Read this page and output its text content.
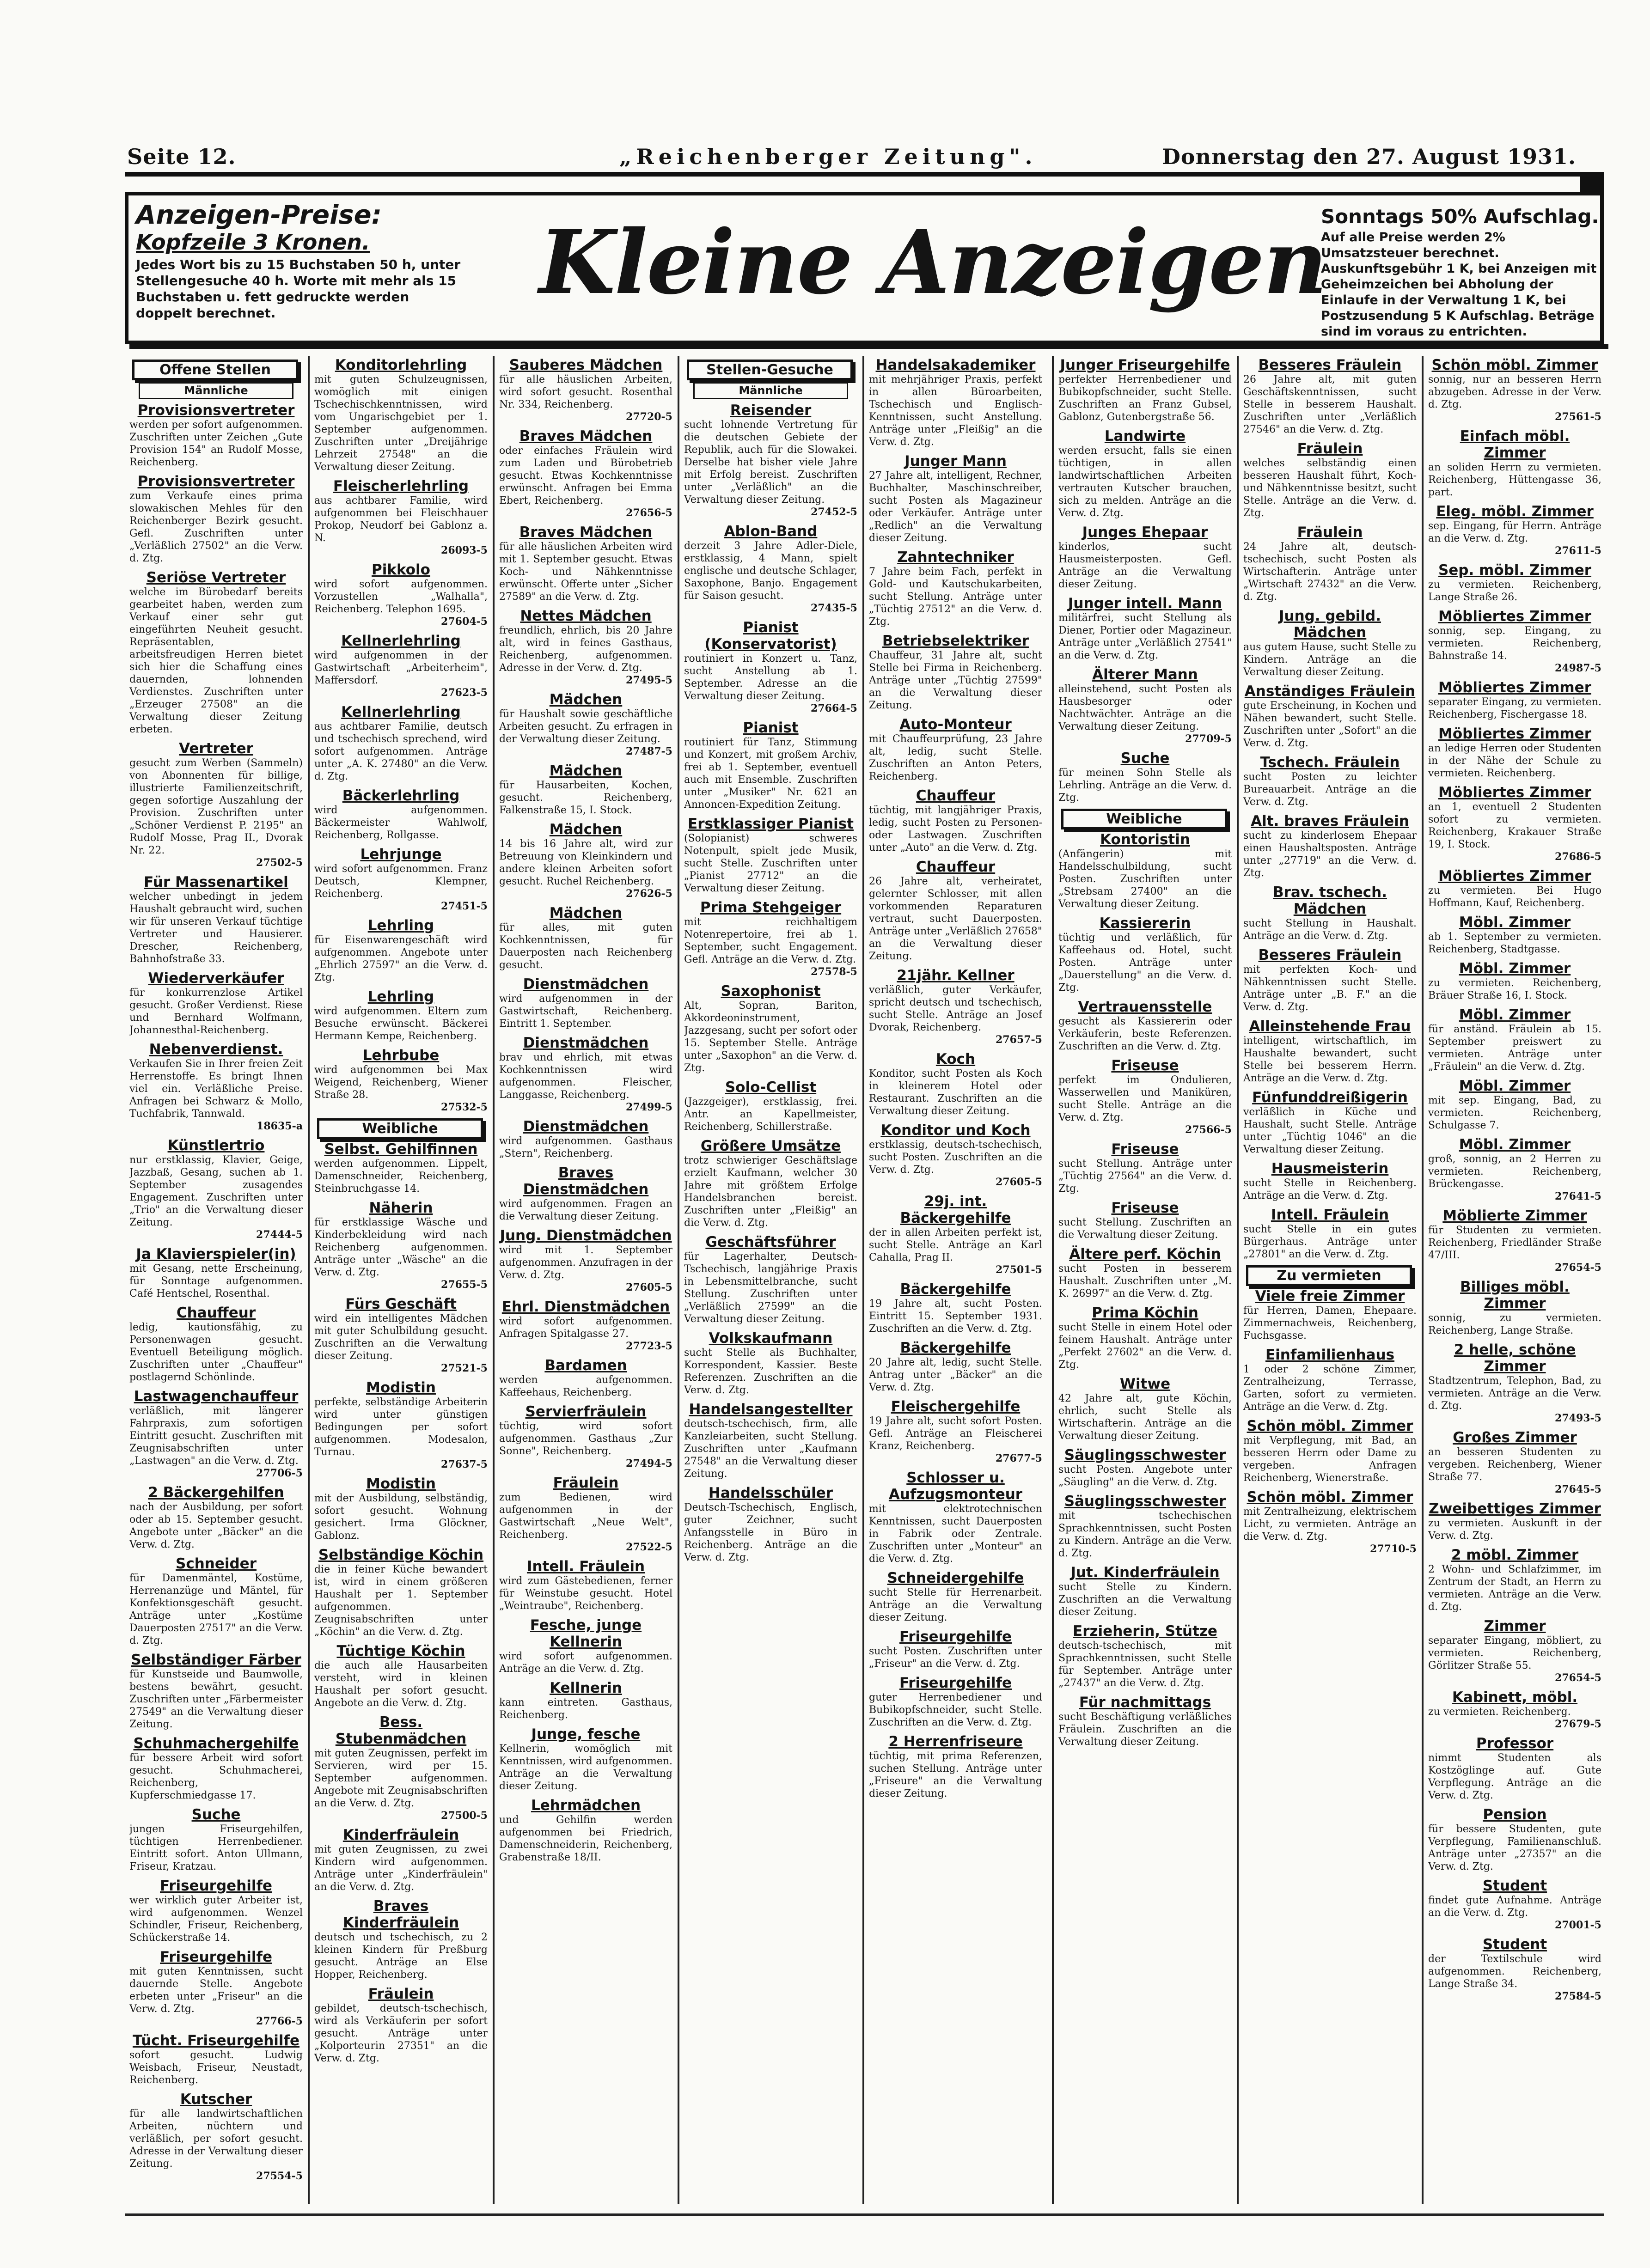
Seite 12.	„Reichenberger Zeitung".	Donnerstag den 27. August 1931.
Anzeigen-Preise:
Kopfzeile 3 Kronen.
Jedes Wort bis zu 15 Buchstaben 50 h, unter Stellengesuche 40 h. Worte mit mehr als 15 Buchstaben u. fett gedruckte werden doppelt berechnet.	Kleine Anzeigen
Sonntags 50% Aufschlag.
Auf alle Preise werden 2% Umsatzsteuer berechnet. Auskunftsgebühr 1 K, bei Anzeigen mit Geheimzeichen bei Abholung der Einlaufe in der Verwaltung 1 K, bei Postzusendung 5 K Aufschlag. Beträge sind im voraus zu entrichten.
Offene Stellen
Männliche
Provisionsvertreter
werden per sofort aufgenommen. Zuschriften unter Zeichen „Gute Provision 154" an Rudolf Mosse, Reichenberg.
Provisionsvertreter
zum Verkaufe eines prima slowakischen Mehles für den Reichenberger Bezirk gesucht. Gefl. Zuschriften unter „Verläßlich 27502" an die Verw. d. Ztg.
Seriöse Vertreter
welche im Bürobedarf bereits gearbeitet haben, werden zum Verkauf einer sehr gut eingeführten Neuheit gesucht. Repräsentablen, arbeitsfreudigen Herren bietet sich hier die Schaffung eines dauernden, lohnenden Verdienstes. Zuschriften unter „Erzeuger 27508" an die Verwaltung dieser Zeitung erbeten.
Vertreter
gesucht zum Werben (Sammeln) von Abonnenten für billige, illustrierte Familienzeitschrift, gegen sofortige Auszahlung der Provision. Zuschriften unter „Schöner Verdienst P. 2195" an Rudolf Mosse, Prag II., Dvorak Nr. 22.
27502-5
Für Massenartikel
welcher unbedingt in jedem Haushalt gebraucht wird, suchen wir für unseren Verkauf tüchtige Vertreter und Hausierer. Drescher, Reichenberg, Bahnhofstraße 33.
Wiederverkäufer
für konkurrenzlose Artikel gesucht. Großer Verdienst. Riese und Bernhard Wolfmann, Johannesthal-Reichenberg.
Nebenverdienst.
Verkaufen Sie in Ihrer freien Zeit Herrenstoffe. Es bringt Ihnen viel ein. Verläßliche Preise. Anfragen bei Schwarz & Mollo, Tuchfabrik, Tannwald.
18635-a
Künstlertrio
nur erstklassig, Klavier, Geige, Jazzbaß, Gesang, suchen ab 1. September zusagendes Engagement. Zuschriften unter „Trio" an die Verwaltung dieser Zeitung.
27444-5
Ja Klavierspieler(in)
mit Gesang, nette Erscheinung, für Sonntage aufgenommen. Café Hentschel, Rosenthal.
Chauffeur
ledig, kautionsfähig, zu Personenwagen gesucht. Eventuell Beteiligung möglich. Zuschriften unter „Chauffeur" postlagernd Schönlinde.
Lastwagenchauffeur
verläßlich, mit längerer Fahrpraxis, zum sofortigen Eintritt gesucht. Zuschriften mit Zeugnisabschriften unter „Lastwagen" an die Verw. d. Ztg.
27706-5
2 Bäckergehilfen
nach der Ausbildung, per sofort oder ab 15. September gesucht. Angebote unter „Bäcker" an die Verw. d. Ztg.
Schneider
für Damenmäntel, Kostüme, Herrenanzüge und Mäntel, für Konfektionsgeschäft gesucht. Anträge unter „Kostüme Dauerposten 27517" an die Verw. d. Ztg.
Selbständiger Färber
für Kunstseide und Baumwolle, bestens bewährt, gesucht. Zuschriften unter „Färbermeister 27549" an die Verwaltung dieser Zeitung.
Schuhmachergehilfe
für bessere Arbeit wird sofort gesucht. Schuhmacherei, Reichenberg, Kupferschmiedgasse 17.
Suche
jungen Friseurgehilfen, tüchtigen Herrenbediener. Eintritt sofort. Anton Ullmann, Friseur, Kratzau.
Friseurgehilfe
wer wirklich guter Arbeiter ist, wird aufgenommen. Wenzel Schindler, Friseur, Reichenberg, Schückerstraße 14.
Friseurgehilfe
mit guten Kenntnissen, sucht dauernde Stelle. Angebote erbeten unter „Friseur" an die Verw. d. Ztg.
27766-5
Tücht. Friseurgehilfe
sofort gesucht. Ludwig Weisbach, Friseur, Neustadt, Reichenberg.
Kutscher
für alle landwirtschaftlichen Arbeiten, nüchtern und verläßlich, per sofort gesucht. Adresse in der Verwaltung dieser Zeitung.
27554-5
Konditorlehrling
mit guten Schulzeugnissen, womöglich mit einigen Tschechischkenntnissen, wird vom Ungarischgebiet per 1. September aufgenommen. Zuschriften unter „Dreijährige Lehrzeit 27548" an die Verwaltung dieser Zeitung.
Fleischerlehrling
aus achtbarer Familie, wird aufgenommen bei Fleischhauer Prokop, Neudorf bei Gablonz a. N.
26093-5
Pikkolo
wird sofort aufgenommen. Vorzustellen „Walhalla", Reichenberg. Telephon 1695.
27604-5
Kellnerlehrling
wird aufgenommen in der Gastwirtschaft „Arbeiterheim", Maffersdorf.
27623-5
Kellnerlehrling
aus achtbarer Familie, deutsch und tschechisch sprechend, wird sofort aufgenommen. Anträge unter „A. K. 27480" an die Verw. d. Ztg.
Bäckerlehrling
wird aufgenommen. Bäckermeister Wahlwolf, Reichenberg, Rollgasse.
Lehrjunge
wird sofort aufgenommen. Franz Deutsch, Klempner, Reichenberg.
27451-5
Lehrling
für Eisenwarengeschäft wird aufgenommen. Angebote unter „Ehrlich 27597" an die Verw. d. Ztg.
Lehrling
wird aufgenommen. Eltern zum Besuche erwünscht. Bäckerei Hermann Kempe, Reichenberg.
Lehrbube
wird aufgenommen bei Max Weigend, Reichenberg, Wiener Straße 28.
27532-5
Weibliche
Selbst. Gehilfinnen
werden aufgenommen. Lippelt, Damenschneider, Reichenberg, Steinbruchgasse 14.
Näherin
für erstklassige Wäsche und Kinderbekleidung wird nach Reichenberg aufgenommen. Anträge unter „Wäsche" an die Verw. d. Ztg.
27655-5
Fürs Geschäft
wird ein intelligentes Mädchen mit guter Schulbildung gesucht. Zuschriften an die Verwaltung dieser Zeitung.
27521-5
Modistin
perfekte, selbständige Arbeiterin wird unter günstigen Bedingungen per sofort aufgenommen. Modesalon, Turnau.
27637-5
Modistin
mit der Ausbildung, selbständig, sofort gesucht. Wohnung gesichert. Irma Glöckner, Gablonz.
Selbständige Köchin
die in feiner Küche bewandert ist, wird in einem größeren Haushalt per 1. September aufgenommen. Zeugnisabschriften unter „Köchin" an die Verw. d. Ztg.
Tüchtige Köchin
die auch alle Hausarbeiten versteht, wird in kleinen Haushalt per sofort gesucht. Angebote an die Verw. d. Ztg.
Bess. Stubenmädchen
mit guten Zeugnissen, perfekt im Servieren, wird per 15. September aufgenommen. Angebote mit Zeugnisabschriften an die Verw. d. Ztg.
27500-5
Kinderfräulein
mit guten Zeugnissen, zu zwei Kindern wird aufgenommen. Anträge unter „Kinderfräulein" an die Verw. d. Ztg.
Braves Kinderfräulein
deutsch und tschechisch, zu 2 kleinen Kindern für Preßburg gesucht. Anträge an Else Hopper, Reichenberg.
Fräulein
gebildet, deutsch-tschechisch, wird als Verkäuferin per sofort gesucht. Anträge unter „Kolporteurin 27351" an die Verw. d. Ztg.
Sauberes Mädchen
für alle häuslichen Arbeiten, wird sofort gesucht. Rosenthal Nr. 334, Reichenberg.
27720-5
Braves Mädchen
oder einfaches Fräulein wird zum Laden und Bürobetrieb gesucht. Etwas Kochkenntnisse erwünscht. Anfragen bei Emma Ebert, Reichenberg.
27656-5
Braves Mädchen
für alle häuslichen Arbeiten wird mit 1. September gesucht. Etwas Koch- und Nähkenntnisse erwünscht. Offerte unter „Sicher 27589" an die Verw. d. Ztg.
Nettes Mädchen
freundlich, ehrlich, bis 20 Jahre alt, wird in feines Gasthaus, Reichenberg, aufgenommen. Adresse in der Verw. d. Ztg.
27495-5
Mädchen
für Haushalt sowie geschäftliche Arbeiten gesucht. Zu erfragen in der Verwaltung dieser Zeitung.
27487-5
Mädchen
für Hausarbeiten, Kochen, gesucht. Reichenberg, Falkenstraße 15, I. Stock.
Mädchen
14 bis 16 Jahre alt, wird zur Betreuung von Kleinkindern und andere kleinen Arbeiten sofort gesucht. Ruchel Reichenberg.
27626-5
Mädchen
für alles, mit guten Kochkenntnissen, für Dauerposten nach Reichenberg gesucht.
Dienstmädchen
wird aufgenommen in der Gastwirtschaft, Reichenberg. Eintritt 1. September.
Dienstmädchen
brav und ehrlich, mit etwas Kochkenntnissen wird aufgenommen. Fleischer, Langgasse, Reichenberg.
27499-5
Dienstmädchen
wird aufgenommen. Gasthaus „Stern", Reichenberg.
Braves Dienstmädchen
wird aufgenommen. Fragen an die Verwaltung dieser Zeitung.
Jung. Dienstmädchen
wird mit 1. September aufgenommen. Anzufragen in der Verw. d. Ztg.
27605-5
Ehrl. Dienstmädchen
wird sofort aufgenommen. Anfragen Spitalgasse 27.
27723-5
Bardamen
werden aufgenommen. Kaffeehaus, Reichenberg.
Servierfräulein
tüchtig, wird sofort aufgenommen. Gasthaus „Zur Sonne", Reichenberg.
27494-5
Fräulein
zum Bedienen, wird aufgenommen in der Gastwirtschaft „Neue Welt", Reichenberg.
27522-5
Intell. Fräulein
wird zum Gästebedienen, ferner für Weinstube gesucht. Hotel „Weintraube", Reichenberg.
Fesche, junge Kellnerin
wird sofort aufgenommen. Anträge an die Verw. d. Ztg.
Kellnerin
kann eintreten. Gasthaus, Reichenberg.
Junge, fesche
Kellnerin, womöglich mit Kenntnissen, wird aufgenommen. Anträge an die Verwaltung dieser Zeitung.
Lehrmädchen
und Gehilfin werden aufgenommen bei Friedrich, Damenschneiderin, Reichenberg, Grabenstraße 18/II.
Stellen-Gesuche
Männliche
Reisender
sucht lohnende Vertretung für die deutschen Gebiete der Republik, auch für die Slowakei. Derselbe hat bisher viele Jahre mit Erfolg bereist. Zuschriften unter „Verläßlich" an die Verwaltung dieser Zeitung.
27452-5
Ablon-Band
derzeit 3 Jahre Adler-Diele, erstklassig, 4 Mann, spielt englische und deutsche Schlager, Saxophone, Banjo. Engagement für Saison gesucht.
27435-5
Pianist (Konservatorist)
routiniert in Konzert u. Tanz, sucht Anstellung ab 1. September. Adresse an die Verwaltung dieser Zeitung.
27664-5
Pianist
routiniert für Tanz, Stimmung und Konzert, mit großem Archiv, frei ab 1. September, eventuell auch mit Ensemble. Zuschriften unter „Musiker" Nr. 621 an Annoncen-Expedition Zeitung.
Erstklassiger Pianist
(Solopianist) schweres Notenpult, spielt jede Musik, sucht Stelle. Zuschriften unter „Pianist 27712" an die Verwaltung dieser Zeitung.
Prima Stehgeiger
mit reichhaltigem Notenrepertoire, frei ab 1. September, sucht Engagement. Gefl. Anträge an die Verw. d. Ztg.
27578-5
Saxophonist
Alt, Sopran, Bariton, Akkordeoninstrument, Jazzgesang, sucht per sofort oder 15. September Stelle. Anträge unter „Saxophon" an die Verw. d. Ztg.
Solo-Cellist
(Jazzgeiger), erstklassig, frei. Antr. an Kapellmeister, Reichenberg, Schillerstraße.
Größere Umsätze
trotz schwieriger Geschäftslage erzielt Kaufmann, welcher 30 Jahre mit größtem Erfolge Handelsbranchen bereist. Zuschriften unter „Fleißig" an die Verw. d. Ztg.
Geschäftsführer
für Lagerhalter, Deutsch-Tschechisch, langjährige Praxis in Lebensmittelbranche, sucht Stellung. Zuschriften unter „Verläßlich 27599" an die Verwaltung dieser Zeitung.
Volkskaufmann
sucht Stelle als Buchhalter, Korrespondent, Kassier. Beste Referenzen. Zuschriften an die Verw. d. Ztg.
Handelsangestellter
deutsch-tschechisch, firm, alle Kanzleiarbeiten, sucht Stellung. Zuschriften unter „Kaufmann 27548" an die Verwaltung dieser Zeitung.
Handelsschüler
Deutsch-Tschechisch, Englisch, guter Zeichner, sucht Anfangsstelle in Büro in Reichenberg. Anträge an die Verw. d. Ztg.
Handelsakademiker
mit mehrjähriger Praxis, perfekt in allen Büroarbeiten, Tschechisch und Englisch-Kenntnissen, sucht Anstellung. Anträge unter „Fleißig" an die Verw. d. Ztg.
Junger Mann
27 Jahre alt, intelligent, Rechner, Buchhalter, Maschinschreiber, sucht Posten als Magazineur oder Verkäufer. Anträge unter „Redlich" an die Verwaltung dieser Zeitung.
Zahntechniker
7 Jahre beim Fach, perfekt in Gold- und Kautschukarbeiten, sucht Stellung. Anträge unter „Tüchtig 27512" an die Verw. d. Ztg.
Betriebselektriker
Chauffeur, 31 Jahre alt, sucht Stelle bei Firma in Reichenberg. Anträge unter „Tüchtig 27599" an die Verwaltung dieser Zeitung.
Auto-Monteur
mit Chauffeurprüfung, 23 Jahre alt, ledig, sucht Stelle. Zuschriften an Anton Peters, Reichenberg.
Chauffeur
tüchtig, mit langjähriger Praxis, ledig, sucht Posten zu Personen- oder Lastwagen. Zuschriften unter „Auto" an die Verw. d. Ztg.
Chauffeur
26 Jahre alt, verheiratet, gelernter Schlosser, mit allen vorkommenden Reparaturen vertraut, sucht Dauerposten. Anträge unter „Verläßlich 27658" an die Verwaltung dieser Zeitung.
21jähr. Kellner
verläßlich, guter Verkäufer, spricht deutsch und tschechisch, sucht Stelle. Anträge an Josef Dvorak, Reichenberg.
27657-5
Koch
Konditor, sucht Posten als Koch in kleinerem Hotel oder Restaurant. Zuschriften an die Verwaltung dieser Zeitung.
Konditor und Koch
erstklassig, deutsch-tschechisch, sucht Posten. Zuschriften an die Verw. d. Ztg.
27605-5
29j. int. Bäckergehilfe
der in allen Arbeiten perfekt ist, sucht Stelle. Anträge an Karl Cahalla, Prag II.
27501-5
Bäckergehilfe
19 Jahre alt, sucht Posten. Eintritt 15. September 1931. Zuschriften an die Verw. d. Ztg.
Bäckergehilfe
20 Jahre alt, ledig, sucht Stelle. Antrag unter „Bäcker" an die Verw. d. Ztg.
Fleischergehilfe
19 Jahre alt, sucht sofort Posten. Gefl. Anträge an Fleischerei Kranz, Reichenberg.
27677-5
Schlosser u. Aufzugsmonteur
mit elektrotechnischen Kenntnissen, sucht Dauerposten in Fabrik oder Zentrale. Zuschriften unter „Monteur" an die Verw. d. Ztg.
Schneidergehilfe
sucht Stelle für Herrenarbeit. Anträge an die Verwaltung dieser Zeitung.
Friseurgehilfe
sucht Posten. Zuschriften unter „Friseur" an die Verw. d. Ztg.
Friseurgehilfe
guter Herrenbediener und Bubikopfschneider, sucht Stelle. Zuschriften an die Verw. d. Ztg.
2 Herrenfriseure
tüchtig, mit prima Referenzen, suchen Stellung. Anträge unter „Friseure" an die Verwaltung dieser Zeitung.
Junger Friseurgehilfe
perfekter Herrenbediener und Bubikopfschneider, sucht Stelle. Zuschriften an Franz Gubsel, Gablonz, Gutenbergstraße 56.
Landwirte
werden ersucht, falls sie einen tüchtigen, in allen landwirtschaftlichen Arbeiten vertrauten Kutscher brauchen, sich zu melden. Anträge an die Verw. d. Ztg.
Junges Ehepaar
kinderlos, sucht Hausmeisterposten. Gefl. Anträge an die Verwaltung dieser Zeitung.
Junger intell. Mann
militärfrei, sucht Stellung als Diener, Portier oder Magazineur. Anträge unter „Verläßlich 27541" an die Verw. d. Ztg.
Älterer Mann
alleinstehend, sucht Posten als Hausbesorger oder Nachtwächter. Anträge an die Verwaltung dieser Zeitung.
27709-5
Suche
für meinen Sohn Stelle als Lehrling. Anträge an die Verw. d. Ztg.
Weibliche
Kontoristin
(Anfängerin) mit Handelsschulbildung, sucht Posten. Zuschriften unter „Strebsam 27400" an die Verwaltung dieser Zeitung.
Kassiererin
tüchtig und verläßlich, für Kaffeehaus od. Hotel, sucht Posten. Anträge unter „Dauerstellung" an die Verw. d. Ztg.
Vertrauensstelle
gesucht als Kassiererin oder Verkäuferin, beste Referenzen. Zuschriften an die Verw. d. Ztg.
Friseuse
perfekt im Ondulieren, Wasserwellen und Maniküren, sucht Stelle. Anträge an die Verw. d. Ztg.
27566-5
Friseuse
sucht Stellung. Anträge unter „Tüchtig 27564" an die Verw. d. Ztg.
Friseuse
sucht Stellung. Zuschriften an die Verwaltung dieser Zeitung.
Ältere perf. Köchin
sucht Posten in besserem Haushalt. Zuschriften unter „M. K. 26997" an die Verw. d. Ztg.
Prima Köchin
sucht Stelle in einem Hotel oder feinem Haushalt. Anträge unter „Perfekt 27602" an die Verw. d. Ztg.
Witwe
42 Jahre alt, gute Köchin, ehrlich, sucht Stelle als Wirtschafterin. Anträge an die Verwaltung dieser Zeitung.
Säuglingsschwester
sucht Posten. Angebote unter „Säugling" an die Verw. d. Ztg.
Säuglingsschwester
mit tschechischen Sprachkenntnissen, sucht Posten zu Kindern. Anträge an die Verw. d. Ztg.
Jut. Kinderfräulein
sucht Stelle zu Kindern. Zuschriften an die Verwaltung dieser Zeitung.
Erzieherin, Stütze
deutsch-tschechisch, mit Sprachkenntnissen, sucht Stelle für September. Anträge unter „27437" an die Verw. d. Ztg.
Für nachmittags
sucht Beschäftigung verläßliches Fräulein. Zuschriften an die Verwaltung dieser Zeitung.
Besseres Fräulein
26 Jahre alt, mit guten Geschäftskenntnissen, sucht Stelle in besserem Haushalt. Zuschriften unter „Verläßlich 27546" an die Verw. d. Ztg.
Fräulein
welches selbständig einen besseren Haushalt führt, Koch- und Nähkenntnisse besitzt, sucht Stelle. Anträge an die Verw. d. Ztg.
Fräulein
24 Jahre alt, deutsch-tschechisch, sucht Posten als Wirtschafterin. Anträge unter „Wirtschaft 27432" an die Verw. d. Ztg.
Jung. gebild. Mädchen
aus gutem Hause, sucht Stelle zu Kindern. Anträge an die Verwaltung dieser Zeitung.
Anständiges Fräulein
gute Erscheinung, in Kochen und Nähen bewandert, sucht Stelle. Zuschriften unter „Sofort" an die Verw. d. Ztg.
Tschech. Fräulein
sucht Posten zu leichter Bureauarbeit. Anträge an die Verw. d. Ztg.
Alt. braves Fräulein
sucht zu kinderlosem Ehepaar einen Haushaltsposten. Anträge unter „27719" an die Verw. d. Ztg.
Brav. tschech. Mädchen
sucht Stellung in Haushalt. Anträge an die Verw. d. Ztg.
Besseres Fräulein
mit perfekten Koch- und Nähkenntnissen sucht Stelle. Anträge unter „B. F." an die Verw. d. Ztg.
Alleinstehende Frau
intelligent, wirtschaftlich, im Haushalte bewandert, sucht Stelle bei besserem Herrn. Anträge an die Verw. d. Ztg.
Fünfunddreißigerin
verläßlich in Küche und Haushalt, sucht Stelle. Anträge unter „Tüchtig 1046" an die Verwaltung dieser Zeitung.
Hausmeisterin
sucht Stelle in Reichenberg. Anträge an die Verw. d. Ztg.
Intell. Fräulein
sucht Stelle in ein gutes Bürgerhaus. Anträge unter „27801" an die Verw. d. Ztg.
Zu vermieten
Viele freie Zimmer
für Herren, Damen, Ehepaare. Zimmernachweis, Reichenberg, Fuchsgasse.
Einfamilienhaus
1 oder 2 schöne Zimmer, Zentralheizung, Terrasse, Garten, sofort zu vermieten. Anträge an die Verw. d. Ztg.
Schön möbl. Zimmer
mit Verpflegung, mit Bad, an besseren Herrn oder Dame zu vergeben. Anfragen Reichenberg, Wienerstraße.
Schön möbl. Zimmer
mit Zentralheizung, elektrischem Licht, zu vermieten. Anträge an die Verw. d. Ztg.
27710-5
Schön möbl. Zimmer
sonnig, nur an besseren Herrn abzugeben. Adresse in der Verw. d. Ztg.
27561-5
Einfach möbl. Zimmer
an soliden Herrn zu vermieten. Reichenberg, Hüttengasse 36, part.
Eleg. möbl. Zimmer
sep. Eingang, für Herrn. Anträge an die Verw. d. Ztg.
27611-5
Sep. möbl. Zimmer
zu vermieten. Reichenberg, Lange Straße 26.
Möbliertes Zimmer
sonnig, sep. Eingang, zu vermieten. Reichenberg, Bahnstraße 14.
24987-5
Möbliertes Zimmer
separater Eingang, zu vermieten. Reichenberg, Fischergasse 18.
Möbliertes Zimmer
an ledige Herren oder Studenten in der Nähe der Schule zu vermieten. Reichenberg.
Möbliertes Zimmer
an 1, eventuell 2 Studenten sofort zu vermieten. Reichenberg, Krakauer Straße 19, I. Stock.
27686-5
Möbliertes Zimmer
zu vermieten. Bei Hugo Hoffmann, Kauf, Reichenberg.
Möbl. Zimmer
ab 1. September zu vermieten. Reichenberg, Stadtgasse.
Möbl. Zimmer
zu vermieten. Reichenberg, Bräuer Straße 16, I. Stock.
Möbl. Zimmer
für anständ. Fräulein ab 15. September preiswert zu vermieten. Anträge unter „Fräulein" an die Verw. d. Ztg.
Möbl. Zimmer
mit sep. Eingang, Bad, zu vermieten. Reichenberg, Schulgasse 7.
Möbl. Zimmer
groß, sonnig, an 2 Herren zu vermieten. Reichenberg, Brückengasse.
27641-5
Möblierte Zimmer
für Studenten zu vermieten. Reichenberg, Friedländer Straße 47/III.
27654-5
Billiges möbl. Zimmer
sonnig, zu vermieten. Reichenberg, Lange Straße.
2 helle, schöne Zimmer
Stadtzentrum, Telephon, Bad, zu vermieten. Anträge an die Verw. d. Ztg.
27493-5
Großes Zimmer
an besseren Studenten zu vergeben. Reichenberg, Wiener Straße 77.
27645-5
Zweibettiges Zimmer
zu vermieten. Auskunft in der Verw. d. Ztg.
2 möbl. Zimmer
2 Wohn- und Schlafzimmer, im Zentrum der Stadt, an Herrn zu vermieten. Anträge an die Verw. d. Ztg.
Zimmer
separater Eingang, möbliert, zu vermieten. Reichenberg, Görlitzer Straße 55.
27654-5
Kabinett, möbl.
zu vermieten. Reichenberg.
27679-5
Professor
nimmt Studenten als Kostzöglinge auf. Gute Verpflegung. Anträge an die Verw. d. Ztg.
Pension
für bessere Studenten, gute Verpflegung, Familienanschluß. Anträge unter „27357" an die Verw. d. Ztg.
Student
findet gute Aufnahme. Anträge an die Verw. d. Ztg.
27001-5
Student
der Textilschule wird aufgenommen. Reichenberg, Lange Straße 34.
27584-5
